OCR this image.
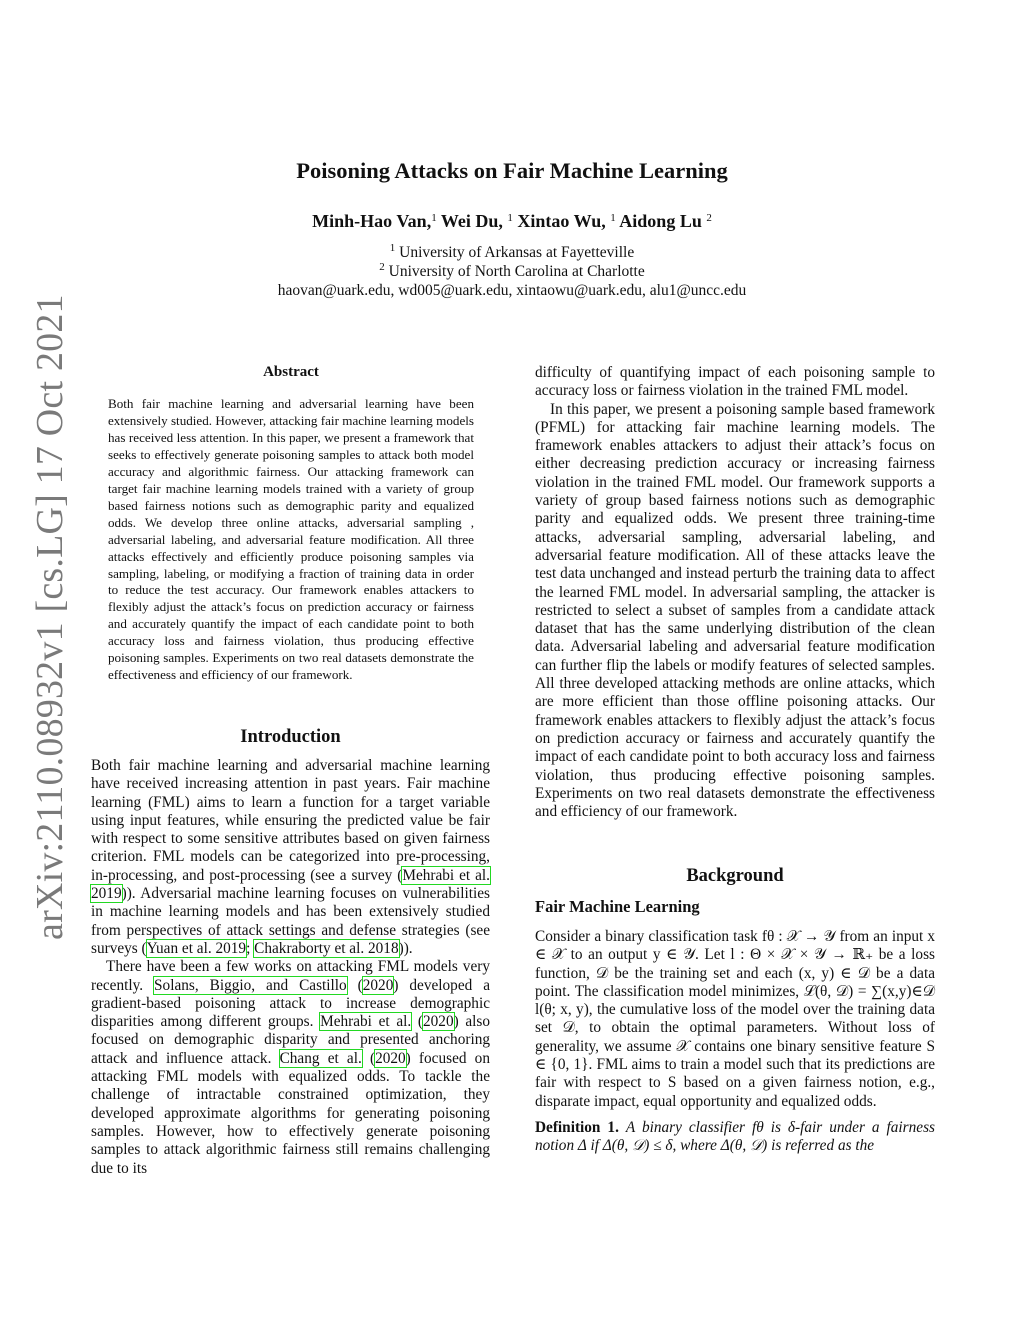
arXiv:2110.08932v1 [cs.LG] 17 Oct 2021
Poisoning Attacks on Fair Machine Learning
Minh-Hao Van,$^1$ Wei Du, $^1$ Xintao Wu, $^1$ Aidong Lu $^2$
$^1$ University of Arkansas at Fayetteville
$^2$ University of North Carolina at Charlotte
haovan@uark.edu, wd005@uark.edu, xintaowu@uark.edu, alu1@uncc.edu
Abstract
Both fair machine learning and adversarial learning have been extensively studied. However, attacking fair machine learning models has received less attention. In this paper, we present a framework that seeks to effectively generate poisoning samples to attack both model accuracy and algorithmic fairness. Our attacking framework can target fair machine learning models trained with a variety of group based fairness notions such as demographic parity and equalized odds. We develop three online attacks, adversarial sampling , adversarial labeling, and adversarial feature modification. All three attacks effectively and efficiently produce poisoning samples via sampling, labeling, or modifying a fraction of training data in order to reduce the test accuracy. Our framework enables attackers to flexibly adjust the attack’s focus on prediction accuracy or fairness and accurately quantify the impact of each candidate point to both accuracy loss and fairness violation, thus producing effective poisoning samples. Experiments on two real datasets demonstrate the effectiveness and efficiency of our framework.
Introduction

Both fair machine learning and adversarial machine learning have received increasing attention in past years. Fair machine learning (FML) aims to learn a function for a target variable using input features, while ensuring the predicted value be fair with respect to some sensitive attributes based on given fairness criterion. FML models can be categorized into pre-processing, in-processing, and post-processing (see a survey (Mehrabi et al. 2019)). Adversarial machine learning focuses on vulnerabilities in machine learning models and has been extensively studied from perspectives of attack settings and defense strategies (see surveys (Yuan et al. 2019; Chakraborty et al. 2018)).

There have been a few works on attacking FML models very recently. Solans, Biggio, and Castillo (2020) developed a gradient-based poisoning attack to increase demographic disparities among different groups. Mehrabi et al. (2020) also focused on demographic disparity and presented anchoring attack and influence attack. Chang et al. (2020) focused on attacking FML models with equalized odds. To tackle the challenge of intractable constrained optimization, they developed approximate algorithms for generating poisoning samples. However, how to effectively generate poisoning samples to attack algorithmic fairness still remains challenging due to its

difficulty of quantifying impact of each poisoning sample to accuracy loss or fairness violation in the trained FML model.

In this paper, we present a poisoning sample based framework (PFML) for attacking fair machine learning models. The framework enables attackers to adjust their attack’s focus on either decreasing prediction accuracy or increasing fairness violation in the trained FML model. Our framework supports a variety of group based fairness notions such as demographic parity and equalized odds. We present three training-time attacks, adversarial sampling, adversarial labeling, and adversarial feature modification. All of these attacks leave the test data unchanged and instead perturb the training data to affect the learned FML model. In adversarial sampling, the attacker is restricted to select a subset of samples from a candidate attack dataset that has the same underlying distribution of the clean data. Adversarial labeling and adversarial feature modification can further flip the labels or modify features of selected samples. All three developed attacking methods are online attacks, which are more efficient than those offline poisoning attacks. Our framework enables attackers to flexibly adjust the attack’s focus on prediction accuracy or fairness and accurately quantify the impact of each candidate point to both accuracy loss and fairness violation, thus producing effective poisoning samples. Experiments on two real datasets demonstrate the effectiveness and efficiency of our framework.

Background
Fair Machine Learning

Consider a binary classification task fθ : 𝒳 → 𝒴 from an input x ∈ 𝒳 to an output y ∈ 𝒴. Let l : Θ × 𝒳 × 𝒴 → ℝ₊ be a loss function, 𝒟 be the training set and each (x, y) ∈ 𝒟 be a data point. The classification model minimizes, ℒ(θ, 𝒟) = ∑(x,y)∈𝒟 l(θ; x, y), the cumulative loss of the model over the training data set 𝒟, to obtain the optimal parameters. Without loss of generality, we assume 𝒳 contains one binary sensitive feature S ∈ {0, 1}. FML aims to train a model such that its predictions are fair with respect to S based on a given fairness notion, e.g., disparate impact, equal opportunity and equalized odds.

Definition 1. A binary classifier fθ is δ-fair under a fairness notion Δ if Δ(θ, 𝒟) ≤ δ, where Δ(θ, 𝒟) is referred as the
